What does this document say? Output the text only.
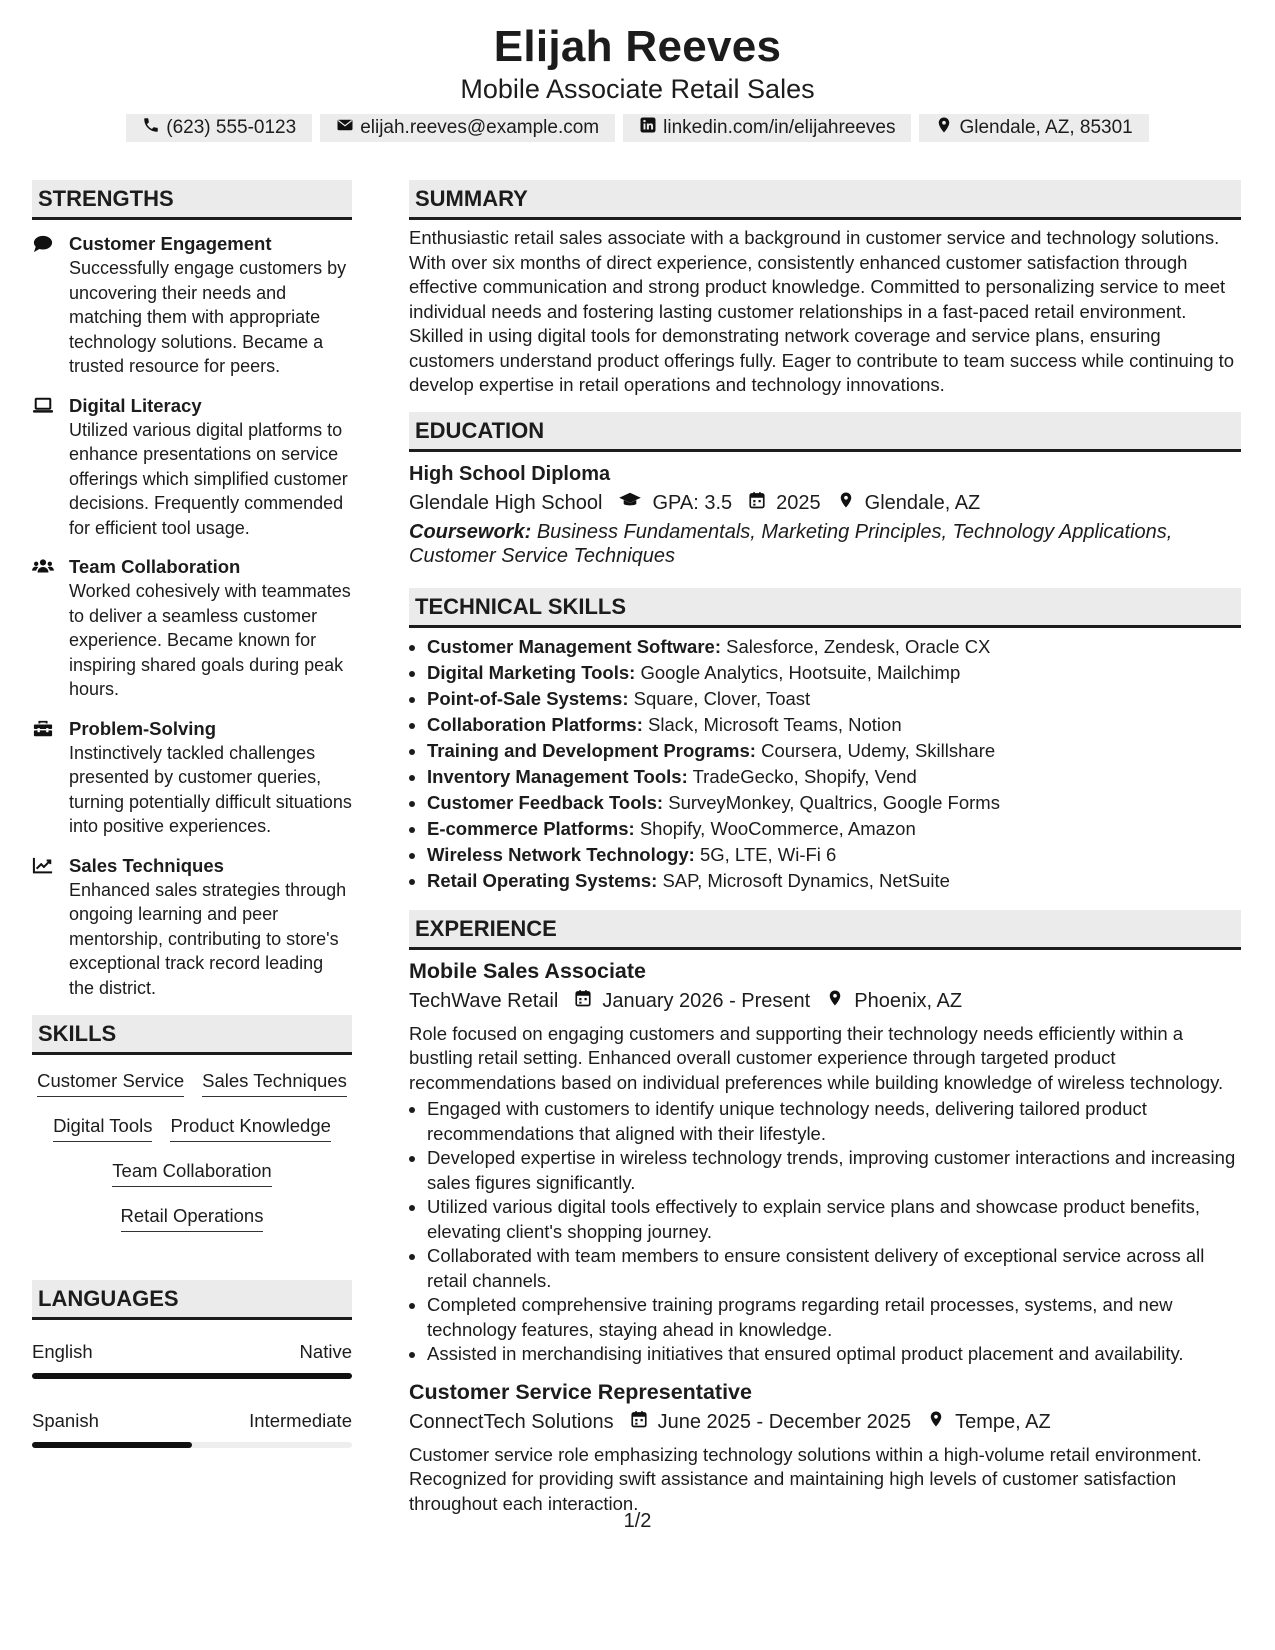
Elijah Reeves
Mobile Associate Retail Sales
(623) 555-0123	elijah.reeves@example.com	linkedin.com/in/elijahreeves	Glendale, AZ, 85301
STRENGTHS
Customer Engagement
Successfully engage customers by uncovering their needs and matching them with appropriate technology solutions. Became a trusted resource for peers.
Digital Literacy
Utilized various digital platforms to enhance presentations on service offerings which simplified customer decisions. Frequently commended for efficient tool usage.
Team Collaboration
Worked cohesively with teammates to deliver a seamless customer experience. Became known for inspiring shared goals during peak hours.
Problem-Solving
Instinctively tackled challenges presented by customer queries, turning potentially difficult situations into positive experiences.
Sales Techniques
Enhanced sales strategies through ongoing learning and peer mentorship, contributing to store's exceptional track record leading the district.
SKILLS
Customer Service Sales Techniques
Digital Tools Product Knowledge
Team Collaboration
Retail Operations
LANGUAGES
English	Native
Spanish	Intermediate
SUMMARY
Enthusiastic retail sales associate with a background in customer service and technology solutions. With over six months of direct experience, consistently enhanced customer satisfaction through effective communication and strong product knowledge. Committed to personalizing service to meet individual needs and fostering lasting customer relationships in a fast-paced retail environment. Skilled in using digital tools for demonstrating network coverage and service plans, ensuring customers understand product offerings fully. Eager to contribute to team success while continuing to develop expertise in retail operations and technology innovations.
EDUCATION
High School Diploma
Glendale High School	GPA: 3.5 2025 Glendale, AZ
Coursework: Business Fundamentals, Marketing Principles, Technology Applications, Customer Service Techniques
TECHNICAL SKILLS
• Customer Management Software: Salesforce, Zendesk, Oracle CX
• Digital Marketing Tools: Google Analytics, Hootsuite, Mailchimp
• Point-of-Sale Systems: Square, Clover, Toast
• Collaboration Platforms: Slack, Microsoft Teams, Notion
• Training and Development Programs: Coursera, Udemy, Skillshare
• Inventory Management Tools: TradeGecko, Shopify, Vend
• Customer Feedback Tools: SurveyMonkey, Qualtrics, Google Forms
• E-commerce Platforms: Shopify, WooCommerce, Amazon
• Wireless Network Technology: 5G, LTE, Wi-Fi 6
• Retail Operating Systems: SAP, Microsoft Dynamics, NetSuite
EXPERIENCE
Mobile Sales Associate
TechWave Retail January 2026 - Present Phoenix, AZ
Role focused on engaging customers and supporting their technology needs efficiently within a bustling retail setting. Enhanced overall customer experience through targeted product recommendations based on individual preferences while building knowledge of wireless technology.
• Engaged with customers to identify unique technology needs, delivering tailored product recommendations that aligned with their lifestyle.
• Developed expertise in wireless technology trends, improving customer interactions and increasing sales figures significantly.
• Utilized various digital tools effectively to explain service plans and showcase product benefits, elevating client's shopping journey.
• Collaborated with team members to ensure consistent delivery of exceptional service across all retail channels.
• Completed comprehensive training programs regarding retail processes, systems, and new technology features, staying ahead in knowledge.
• Assisted in merchandising initiatives that ensured optimal product placement and availability.
Customer Service Representative
ConnectTech Solutions June 2025 - December 2025 Tempe, AZ
Customer service role emphasizing technology solutions within a high-volume retail environment. Recognized for providing swift assistance and maintaining high levels of customer satisfaction throughout each interaction.
1/2
